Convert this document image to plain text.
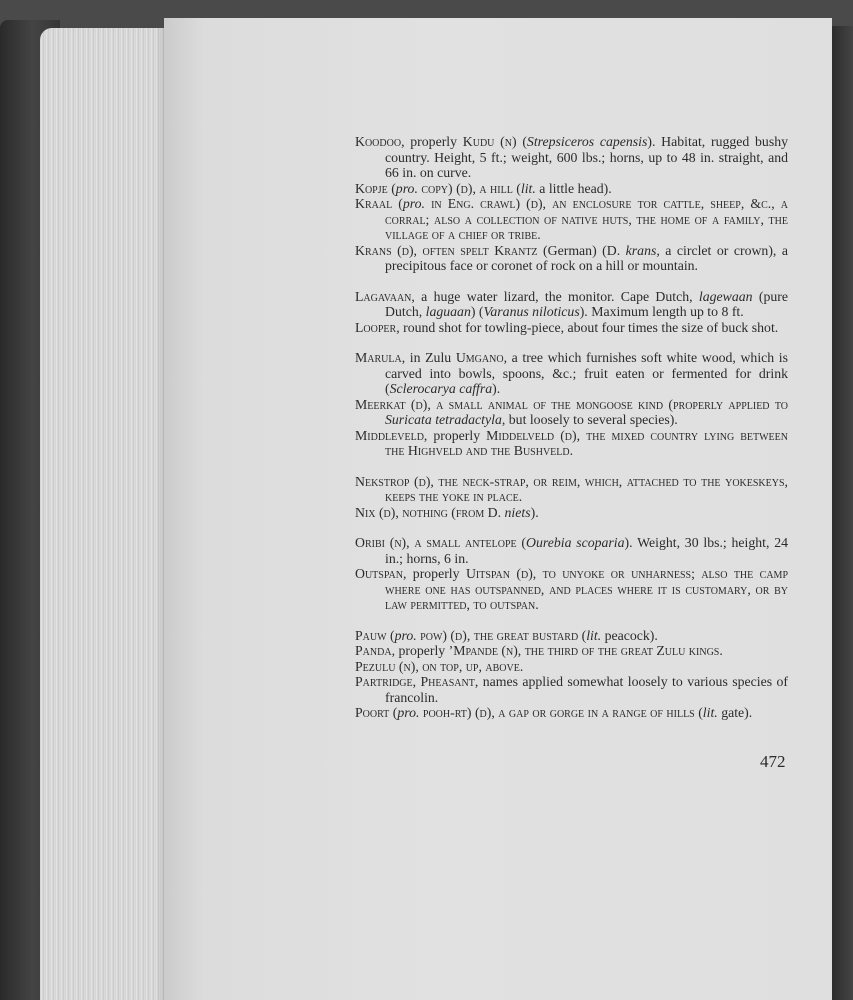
Koodoo, properly Kudu (n) (Strepsiceros capensis). Habitat, rugged bushy country. Height, 5 ft.; weight, 600 lbs.; horns, up to 48 in. straight, and 66 in. on curve.

Kopje (pro. copy) (d), a hill (lit. a little head).

Kraal (pro. in Eng. crawl) (d), an enclosure tor cattle, sheep, &c., a corral; also a collection of native huts, the home of a family, the village of a chief or tribe.

Krans (d), often spelt Krantz (German) (D. krans, a circlet or crown), a precipitous face or coronet of rock on a hill or mountain.

Lagavaan, a huge water lizard, the monitor. Cape Dutch, lagewaan (pure Dutch, laguaan) (Varanus niloticus). Maximum length up to 8 ft.

Looper, round shot for towling-piece, about four times the size of buck shot.

Marula, in Zulu Umgano, a tree which furnishes soft white wood, which is carved into bowls, spoons, &c.; fruit eaten or fermented for drink (Sclerocarya caffra).

Meerkat (d), a small animal of the mongoose kind (properly applied to Suricata tetradactyla, but loosely to several species).

Middleveld, properly Middelveld (d), the mixed country lying between the Highveld and the Bushveld.

Nekstrop (d), the neck-strap, or reim, which, attached to the yokeskeys, keeps the yoke in place.

Nix (d), nothing (from D. niets).

Oribi (n), a small antelope (Ourebia scoparia). Weight, 30 lbs.; height, 24 in.; horns, 6 in.

Outspan, properly Uitspan (d), to unyoke or unharness; also the camp where one has outspanned, and places where it is customary, or by law permitted, to outspan.

Pauw (pro. pow) (d), the great bustard (lit. peacock).

Panda, properly ’Mpande (n), the third of the great Zulu kings.

Pezulu (n), on top, up, above.

Partridge, Pheasant, names applied somewhat loosely to various species of francolin.

Poort (pro. pooh-rt) (d), a gap or gorge in a range of hills (lit. gate).

472
